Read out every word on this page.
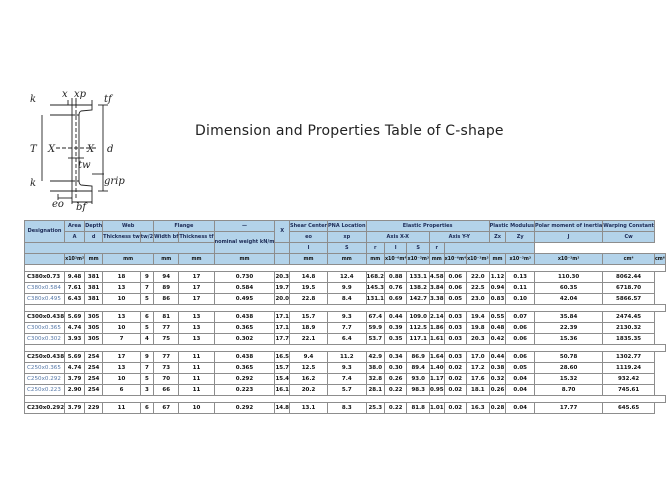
k	x xp tf
T X	X d
tw
k	grip
eo bf
Dimension and Properties Table of C-shape
Designation	Area	Depth	Web		Flange		—	X	Shear Center	PNA Location	Elastic Properties						Plastic Modulus		Polar moment of inertia	Warping Constant	
							nominal weight kN/m														
	A	d	Thickness tw	tw/2	Width bf	Thickness tf			eo	xp	Axis X-X			Axis Y-Y			Zx	Zy	J	Cw	
									I	S	r	I	S	r							
	x10³m²	mm	mm		mm	mm	mm		mm	mm	mm	x10⁻⁶m⁴	x10⁻³m³	mm	x10⁻⁶m⁴	x10⁻³m³	mm	x10⁻³m³	x10⁻³m³	cm⁴	cm⁶

C380x0.73	9.48	381	18	9	94	17	0.730	20.3	14.8	12.4	168.2	0.88	133.1	4.58	0.06	22.0	1.12	0.13	110.30	8062.44
C380x0.584	7.61	381	13	7	89	17	0.584	19.7	19.5	9.9	145.3	0.76	138.2	3.84	0.06	22.5	0.94	0.11	60.35	6718.70
C380x0.495	6.43	381	10	5	86	17	0.495	20.0	22.8	8.4	131.1	0.69	142.7	3.38	0.05	23.0	0.83	0.10	42.04	5866.57

C300x0.438	5.69	305	13	6	81	13	0.438	17.1	15.7	9.3	67.4	0.44	109.0	2.14	0.03	19.4	0.55	0.07	35.84	2474.45
C300x0.365	4.74	305	10	5	77	13	0.365	17.1	18.9	7.7	59.9	0.39	112.5	1.86	0.03	19.8	0.48	0.06	22.39	2130.32
C300x0.302	3.93	305	7	4	75	13	0.302	17.7	22.1	6.4	53.7	0.35	117.1	1.61	0.03	20.3	0.42	0.06	15.36	1835.35

C250x0.438	5.69	254	17	9	77	11	0.438	16.5	9.4	11.2	42.9	0.34	86.9	1.64	0.03	17.0	0.44	0.06	50.78	1302.77
C250x0.365	4.74	254	13	7	73	11	0.365	15.7	12.5	9.3	38.0	0.30	89.4	1.40	0.02	17.2	0.38	0.05	28.60	1119.24
C250x0.292	3.79	254	10	5	70	11	0.292	15.4	16.2	7.4	32.8	0.26	93.0	1.17	0.02	17.6	0.32	0.04	15.32	932.42
C250x0.223	2.90	254	6	3	66	11	0.223	16.1	20.2	5.7	28.1	0.22	98.3	0.95	0.02	18.1	0.26	0.04	8.70	745.61

C230x0.292	3.79	229	11	6	67	10	0.292	14.8	13.1	8.3	25.3	0.22	81.8	1.01	0.02	16.3	0.28	0.04	17.77	645.65
